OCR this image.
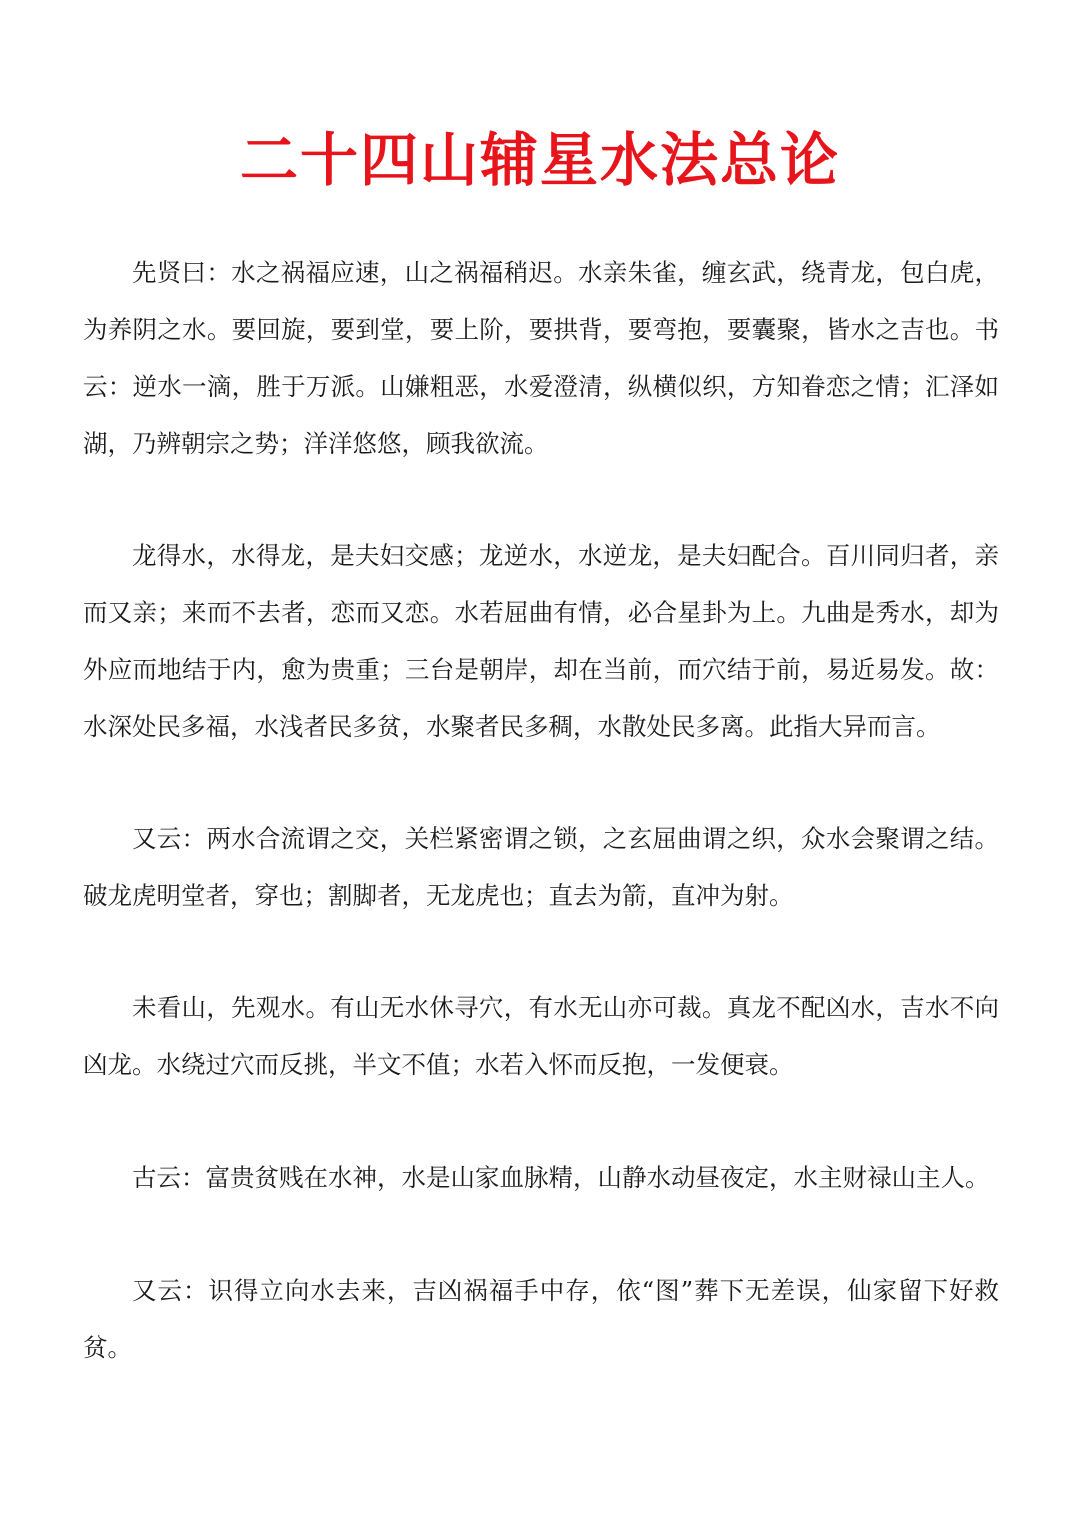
二十四山辅星水法总论

先贤曰：水之祸福应速，山之祸福稍迟。水亲朱雀，缠玄武，绕青龙，包白虎，为养阴之水。要回旋，要到堂，要上阶，要拱背，要弯抱，要囊聚，皆水之吉也。书云：逆水一滴，胜于万派。山嫌粗恶，水爱澄清，纵横似织，方知眷恋之情；汇泽如湖，乃辨朝宗之势；洋洋悠悠，顾我欲流。

龙得水，水得龙，是夫妇交感；龙逆水，水逆龙，是夫妇配合。百川同归者，亲而又亲；来而不去者，恋而又恋。水若屈曲有情，必合星卦为上。九曲是秀水，却为外应而地结于内，愈为贵重；三台是朝岸，却在当前，而穴结于前，易近易发。故：水深处民多福，水浅者民多贫，水聚者民多稠，水散处民多离。此指大异而言。

又云：两水合流谓之交，关栏紧密谓之锁，之玄屈曲谓之织，众水会聚谓之结。破龙虎明堂者，穿也；割脚者，无龙虎也；直去为箭，直冲为射。

未看山，先观水。有山无水休寻穴，有水无山亦可裁。真龙不配凶水，吉水不向凶龙。水绕过穴而反挑，半文不值；水若入怀而反抱，一发便衰。

古云：富贵贫贱在水神，水是山家血脉精，山静水动昼夜定，水主财禄山主人。

又云：识得立向水去来，吉凶祸福手中存，依“图”葬下无差误，仙家留下好救贫。
